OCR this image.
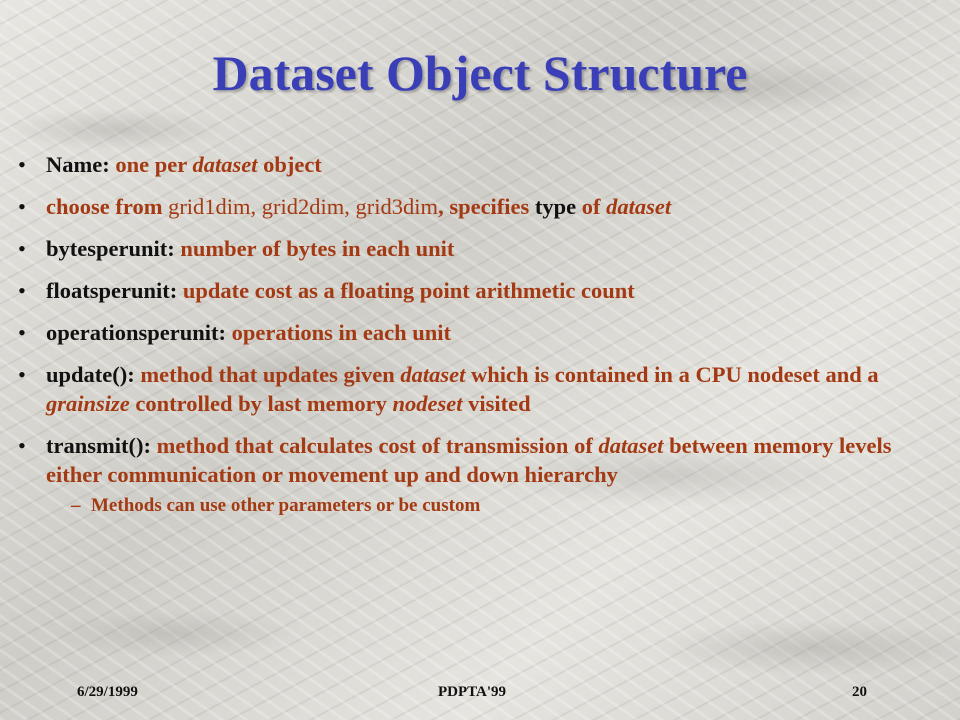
Dataset Object Structure
• Name: one per dataset object
• choose from grid1dim, grid2dim, grid3dim, specifies type of dataset
• bytesperunit: number of bytes in each unit
• floatsperunit: update cost as a floating point arithmetic count
• operationsperunit: operations in each unit
• update(): method that updates given dataset which is contained in a CPU nodeset and a grainsize controlled by last memory nodeset visited
• transmit(): method that calculates cost of transmission of dataset between memory levels either communication or movement up and down hierarchy
– Methods can use other parameters or be custom
6/29/1999	PDPTA'99	20
